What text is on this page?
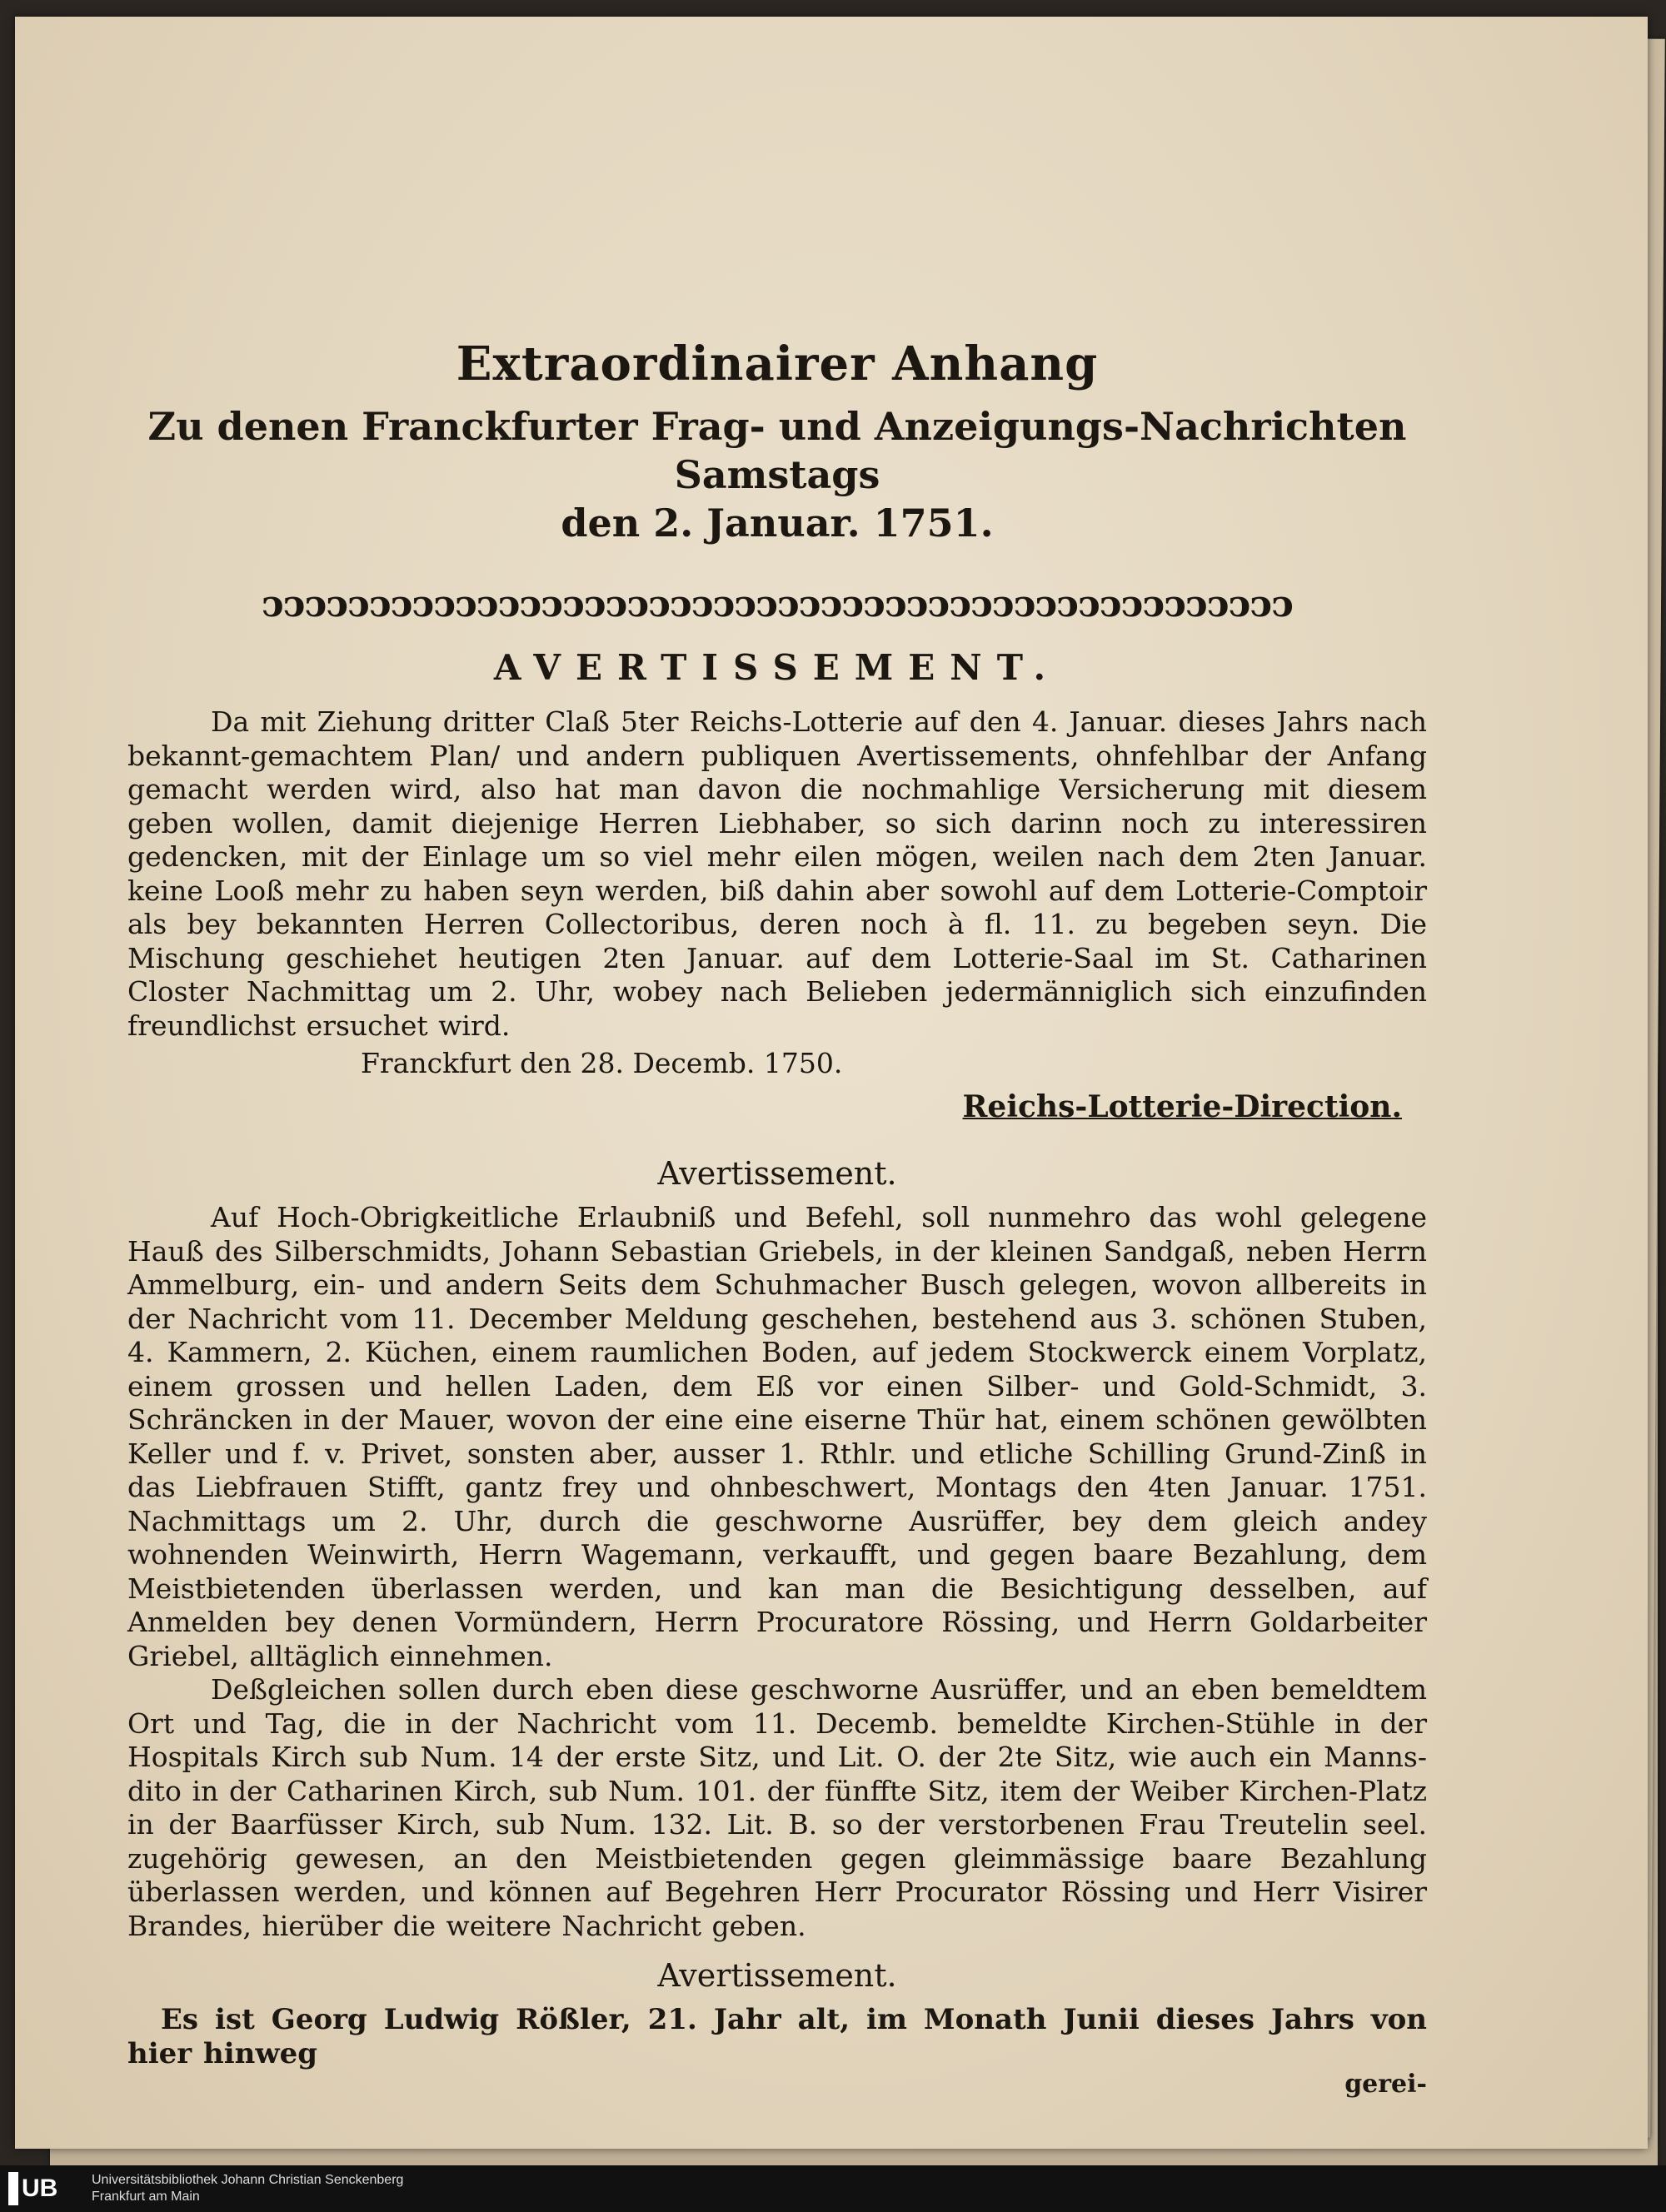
Extraordinairer Anhang
Zu denen Franckfurter Frag- und Anzeigungs-Nachrichten Samstags
den 2. Januar. 1751.
ↄↄↄↄↄↄↄↄↄↄↄↄↄↄↄↄↄↄↄↄↄↄↄↄↄↄↄↄↄↄↄↄↄↄↄↄↄↄↄↄↄↄↄↄↄↄↄↄ
AVERTISSEMENT.

Da mit Ziehung dritter Claß 5ter Reichs-Lotterie auf den 4. Januar. dieses Jahrs nach bekannt-gemachtem Plan/ und andern publiquen Avertissements, ohnfehlbar der Anfang gemacht werden wird, also hat man davon die nochmahlige Versicherung mit diesem geben wollen, damit diejenige Herren Liebhaber, so sich darinn noch zu interessiren gedencken, mit der Einlage um so viel mehr eilen mögen, weilen nach dem 2ten Januar. keine Looß mehr zu haben seyn werden, biß dahin aber sowohl auf dem Lotterie-Comptoir als bey bekannten Herren Collectoribus, deren noch à fl. 11. zu begeben seyn. Die Mischung geschiehet heutigen 2ten Januar. auf dem Lotterie-Saal im St. Catharinen Closter Nachmittag um 2. Uhr, wobey nach Belieben jedermänniglich sich einzufinden freundlichst ersuchet wird.

Franckfurt den 28. Decemb. 1750.
Reichs-Lotterie-Direction.
Avertissement.

Auf Hoch-Obrigkeitliche Erlaubniß und Befehl, soll nunmehro das wohl gelegene Hauß des Silberschmidts, Johann Sebastian Griebels, in der kleinen Sandgaß, neben Herrn Ammelburg, ein- und andern Seits dem Schuhmacher Busch gelegen, wovon allbereits in der Nachricht vom 11. December Meldung geschehen, bestehend aus 3. schönen Stuben, 4. Kammern, 2. Küchen, einem raumlichen Boden, auf jedem Stockwerck einem Vorplatz, einem grossen und hellen Laden, dem Eß vor einen Silber- und Gold-Schmidt, 3. Schräncken in der Mauer, wovon der eine eine eiserne Thür hat, einem schönen gewölbten Keller und f. v. Privet, sonsten aber, ausser 1. Rthlr. und etliche Schilling Grund-Zinß in das Liebfrauen Stifft, gantz frey und ohnbeschwert, Montags den 4ten Januar. 1751. Nachmittags um 2. Uhr, durch die geschworne Ausrüffer, bey dem gleich andey wohnenden Weinwirth, Herrn Wagemann, verkaufft, und gegen baare Bezahlung, dem Meistbietenden überlassen werden, und kan man die Besichtigung desselben, auf Anmelden bey denen Vormündern, Herrn Procuratore Rössing, und Herrn Goldarbeiter Griebel, alltäglich einnehmen.

Deßgleichen sollen durch eben diese geschworne Ausrüffer, und an eben bemeldtem Ort und Tag, die in der Nachricht vom 11. Decemb. bemeldte Kirchen-Stühle in der Hospitals Kirch sub Num. 14 der erste Sitz, und Lit. O. der 2te Sitz, wie auch ein Manns-dito in der Catharinen Kirch, sub Num. 101. der fünffte Sitz, item der Weiber Kirchen-Platz in der Baarfüsser Kirch, sub Num. 132. Lit. B. so der verstorbenen Frau Treutelin seel. zugehörig gewesen, an den Meistbietenden gegen gleimmässige baare Bezahlung überlassen werden, und können auf Begehren Herr Procurator Rössing und Herr Visirer Brandes, hierüber die weitere Nachricht geben.

Avertissement.

Es ist Georg Ludwig Rößler, 21. Jahr alt, im Monath Junii dieses Jahrs von hier hinweg

gerei-

UB	Universitätsbibliothek Johann Christian Senckenberg
Frankfurt am Main
